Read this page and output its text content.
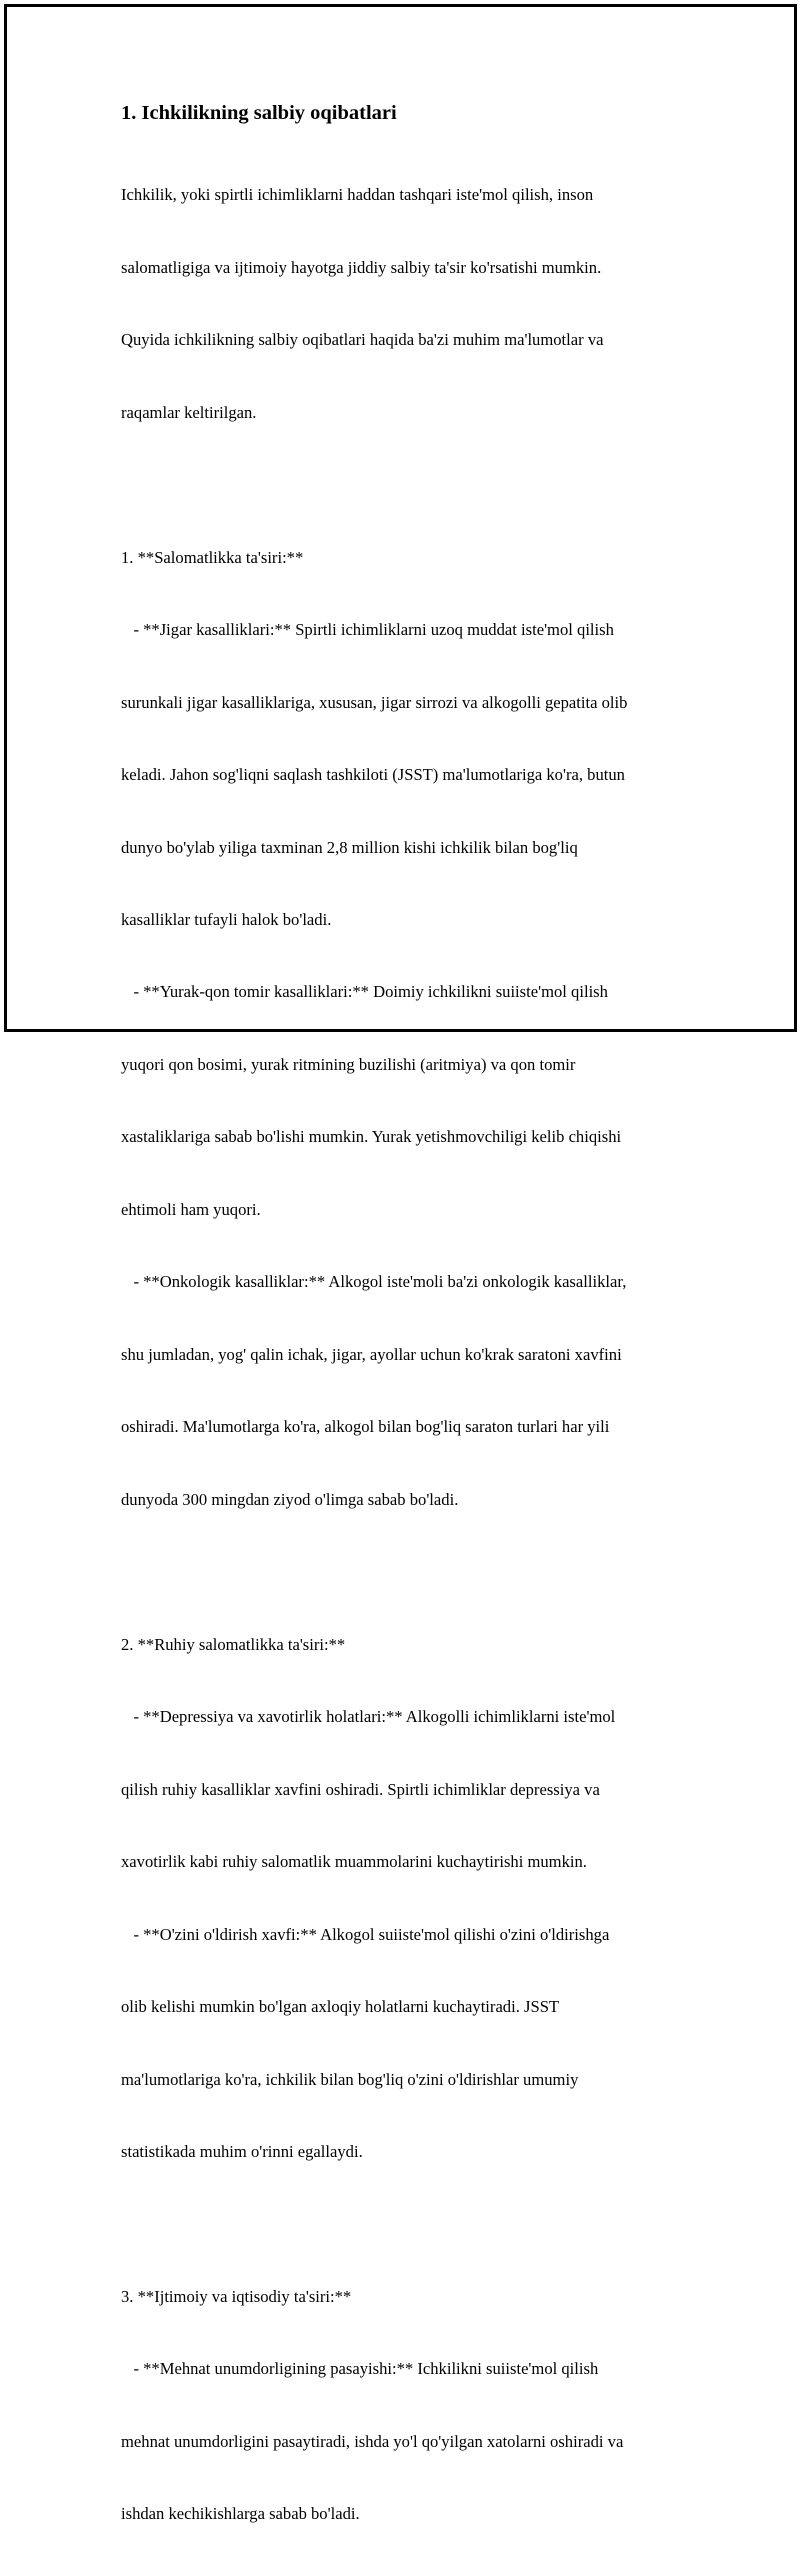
1. Ichkilikning salbiy oqibatlari

Ichkilik, yoki spirtli ichimliklarni haddan tashqari iste'mol qilish, inson

salomatligiga va ijtimoiy hayotga jiddiy salbiy ta'sir ko'rsatishi mumkin.

Quyida ichkilikning salbiy oqibatlari haqida ba'zi muhim ma'lumotlar va

raqamlar keltirilgan.

1. **Salomatlikka ta'siri:**

- **Jigar kasalliklari:** Spirtli ichimliklarni uzoq muddat iste'mol qilish

surunkali jigar kasalliklariga, xususan, jigar sirrozi va alkogolli gepatita olib

keladi. Jahon sog'liqni saqlash tashkiloti (JSST) ma'lumotlariga ko'ra, butun

dunyo bo'ylab yiliga taxminan 2,8 million kishi ichkilik bilan bog'liq

kasalliklar tufayli halok bo'ladi.

- **Yurak-qon tomir kasalliklari:** Doimiy ichkilikni suiiste'mol qilish

yuqori qon bosimi, yurak ritmining buzilishi (aritmiya) va qon tomir

xastaliklariga sabab bo'lishi mumkin. Yurak yetishmovchiligi kelib chiqishi

ehtimoli ham yuqori.

- **Onkologik kasalliklar:** Alkogol iste'moli ba'zi onkologik kasalliklar,

shu jumladan, yog' qalin ichak, jigar, ayollar uchun ko'krak saratoni xavfini

oshiradi. Ma'lumotlarga ko'ra, alkogol bilan bog'liq saraton turlari har yili

dunyoda 300 mingdan ziyod o'limga sabab bo'ladi.

2. **Ruhiy salomatlikka ta'siri:**

- **Depressiya va xavotirlik holatlari:** Alkogolli ichimliklarni iste'mol

qilish ruhiy kasalliklar xavfini oshiradi. Spirtli ichimliklar depressiya va

xavotirlik kabi ruhiy salomatlik muammolarini kuchaytirishi mumkin.

- **O'zini o'ldirish xavfi:** Alkogol suiiste'mol qilishi o'zini o'ldirishga

olib kelishi mumkin bo'lgan axloqiy holatlarni kuchaytiradi. JSST

ma'lumotlariga ko'ra, ichkilik bilan bog'liq o'zini o'ldirishlar umumiy

statistikada muhim o'rinni egallaydi.

3. **Ijtimoiy va iqtisodiy ta'siri:**

- **Mehnat unumdorligining pasayishi:** Ichkilikni suiiste'mol qilish

mehnat unumdorligini pasaytiradi, ishda yo'l qo'yilgan xatolarni oshiradi va

ishdan kechikishlarga sabab bo'ladi.
